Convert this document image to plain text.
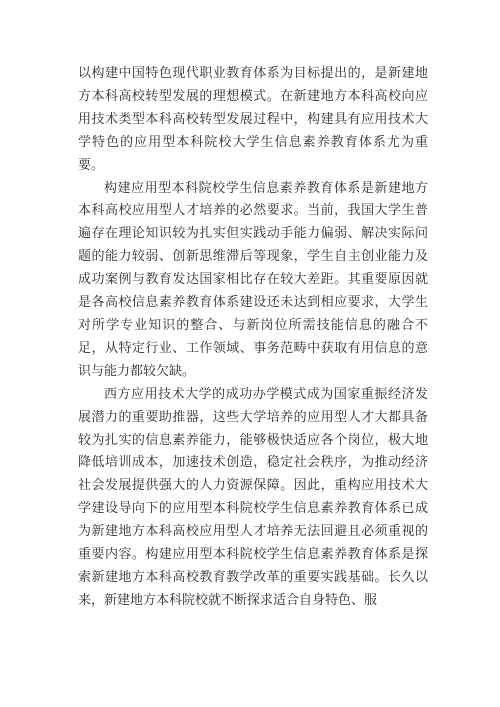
以构建中国特色现代职业教育体系为目标提出的，是新建地方本科高校转型发展的理想模式。在新建地方本科高校向应用技术类型本科高校转型发展过程中，构建具有应用技术大学特色的应用型本科院校大学生信息素养教育体系尤为重要。

构建应用型本科院校学生信息素养教育体系是新建地方本科高校应用型人才培养的必然要求。当前，我国大学生普遍存在理论知识较为扎实但实践动手能力偏弱、解决实际问题的能力较弱、创新思维滞后等现象，学生自主创业能力及成功案例与教育发达国家相比存在较大差距。其重要原因就是各高校信息素养教育体系建设还未达到相应要求，大学生对所学专业知识的整合、与新岗位所需技能信息的融合不足，从特定行业、工作领域、事务范畴中获取有用信息的意识与能力都较欠缺。

西方应用技术大学的成功办学模式成为国家重振经济发展潜力的重要助推器，这些大学培养的应用型人才大都具备较为扎实的信息素养能力，能够极快适应各个岗位，极大地降低培训成本，加速技术创造，稳定社会秩序，为推动经济社会发展提供强大的人力资源保障。因此，重构应用技术大学建设导向下的应用型本科院校学生信息素养教育体系已成为新建地方本科高校应用型人才培养无法回避且必须重视的重要内容。构建应用型本科院校学生信息素养教育体系是探索新建地方本科高校教育教学改革的重要实践基础。长久以来，新建地方本科院校就不断探求适合自身特色、服
